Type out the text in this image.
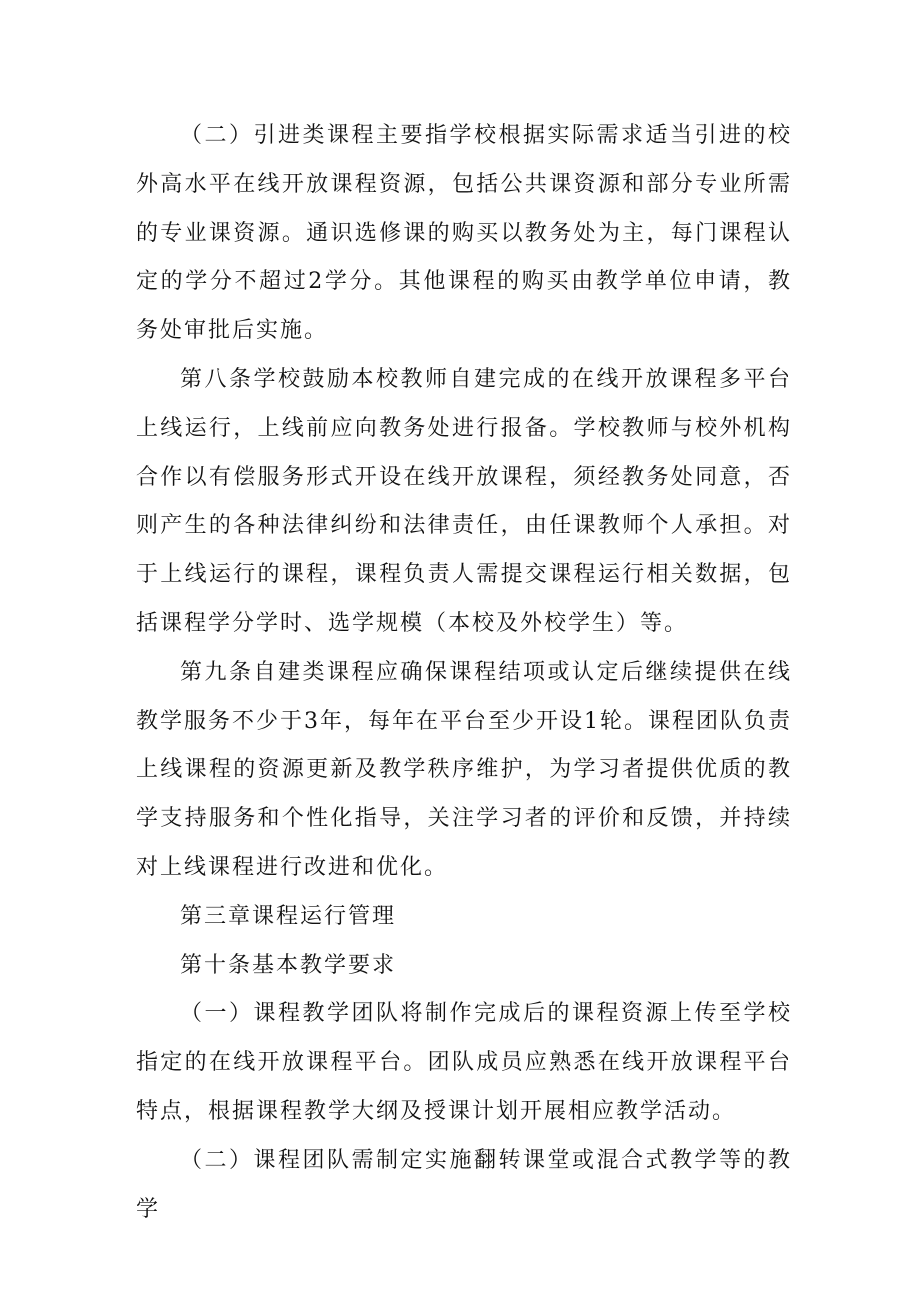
（二）引进类课程主要指学校根据实际需求适当引进的校外高水平在线开放课程资源，包括公共课资源和部分专业所需的专业课资源。通识选修课的购买以教务处为主，每门课程认定的学分不超过2学分。其他课程的购买由教学单位申请，教务处审批后实施。

第八条学校鼓励本校教师自建完成的在线开放课程多平台上线运行，上线前应向教务处进行报备。学校教师与校外机构合作以有偿服务形式开设在线开放课程，须经教务处同意，否则产生的各种法律纠纷和法律责任，由任课教师个人承担。对于上线运行的课程，课程负责人需提交课程运行相关数据，包括课程学分学时、选学规模（本校及外校学生）等。

第九条自建类课程应确保课程结项或认定后继续提供在线教学服务不少于3年，每年在平台至少开设1轮。课程团队负责上线课程的资源更新及教学秩序维护，为学习者提供优质的教学支持服务和个性化指导，关注学习者的评价和反馈，并持续对上线课程进行改进和优化。

第三章课程运行管理

第十条基本教学要求

（一）课程教学团队将制作完成后的课程资源上传至学校指定的在线开放课程平台。团队成员应熟悉在线开放课程平台特点，根据课程教学大纲及授课计划开展相应教学活动。

（二）课程团队需制定实施翻转课堂或混合式教学等的教学
